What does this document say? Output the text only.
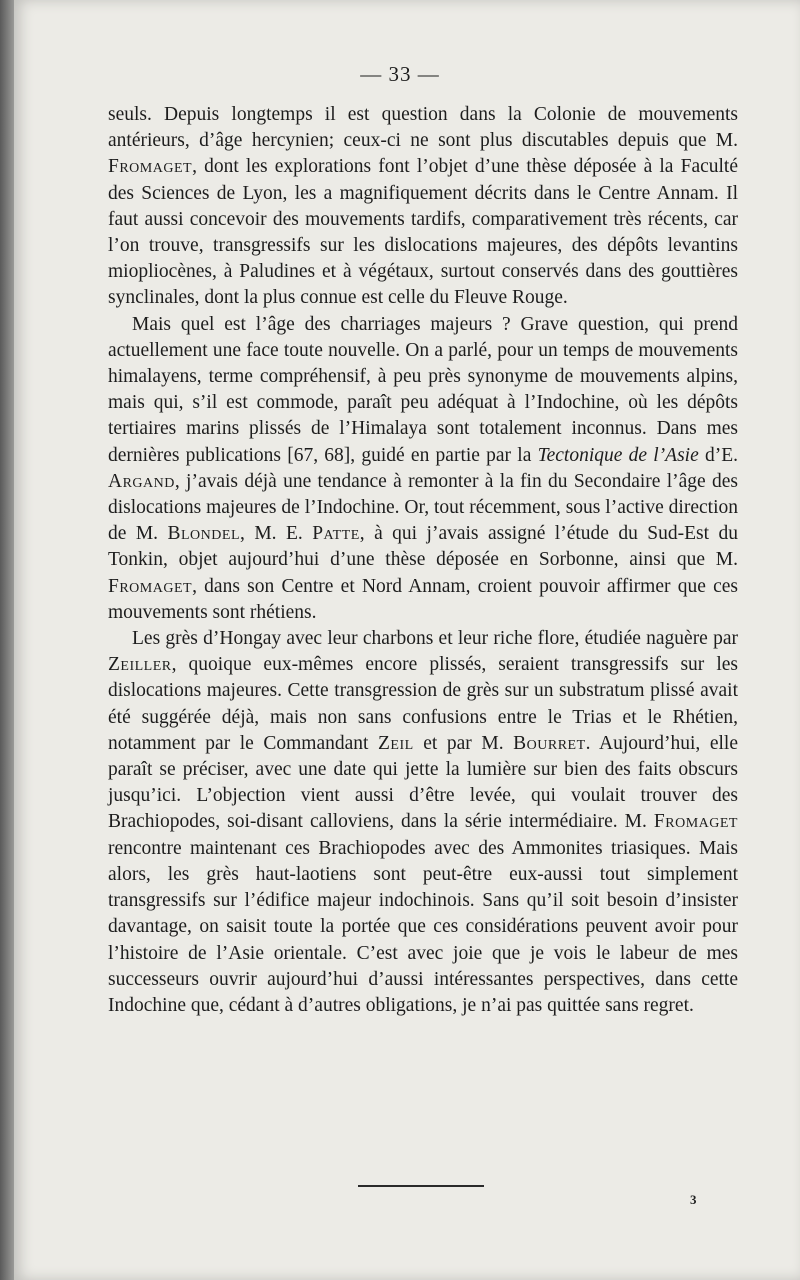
— 33 —

seuls. Depuis longtemps il est question dans la Colonie de mouvements antérieurs, d’âge hercynien; ceux-ci ne sont plus discutables depuis que M. Fromaget, dont les explorations font l’objet d’une thèse déposée à la Faculté des Sciences de Lyon, les a magnifiquement décrits dans le Centre Annam. Il faut aussi concevoir des mouvements tardifs, comparativement très récents, car l’on trouve, transgressifs sur les dislocations majeures, des dépôts levantins miopliocènes, à Paludines et à végétaux, surtout conservés dans des gouttières synclinales, dont la plus connue est celle du Fleuve Rouge.

Mais quel est l’âge des charriages majeurs ? Grave question, qui prend actuellement une face toute nouvelle. On a parlé, pour un temps de mouvements himalayens, terme compréhensif, à peu près synonyme de mouvements alpins, mais qui, s’il est commode, paraît peu adéquat à l’Indochine, où les dépôts tertiaires marins plissés de l’Himalaya sont totalement inconnus. Dans mes dernières publications [67, 68], guidé en partie par la Tectonique de l’Asie d’E. Argand, j’avais déjà une tendance à remonter à la fin du Secondaire l’âge des dislocations majeures de l’Indochine. Or, tout récemment, sous l’active direction de M. Blondel, M. E. Patte, à qui j’avais assigné l’étude du Sud-Est du Tonkin, objet aujourd’hui d’une thèse déposée en Sorbonne, ainsi que M. Fromaget, dans son Centre et Nord Annam, croient pouvoir affirmer que ces mouvements sont rhétiens.

Les grès d’Hongay avec leur charbons et leur riche flore, étudiée naguère par Zeiller, quoique eux-mêmes encore plissés, seraient transgressifs sur les dislocations majeures. Cette transgression de grès sur un substratum plissé avait été suggérée déjà, mais non sans confusions entre le Trias et le Rhétien, notamment par le Commandant Zeil et par M. Bourret. Aujourd’hui, elle paraît se préciser, avec une date qui jette la lumière sur bien des faits obscurs jusqu’ici. L’objection vient aussi d’être levée, qui voulait trouver des Brachiopodes, soi-disant calloviens, dans la série intermédiaire. M. Fromaget rencontre maintenant ces Brachiopodes avec des Ammonites triasiques. Mais alors, les grès haut-laotiens sont peut-être eux-aussi tout simplement transgressifs sur l’édifice majeur indochinois. Sans qu’il soit besoin d’insister davantage, on saisit toute la portée que ces considérations peuvent avoir pour l’histoire de l’Asie orientale. C’est avec joie que je vois le labeur de mes successeurs ouvrir aujourd’hui d’aussi intéressantes perspectives, dans cette Indochine que, cédant à d’autres obligations, je n’ai pas quittée sans regret.

3
